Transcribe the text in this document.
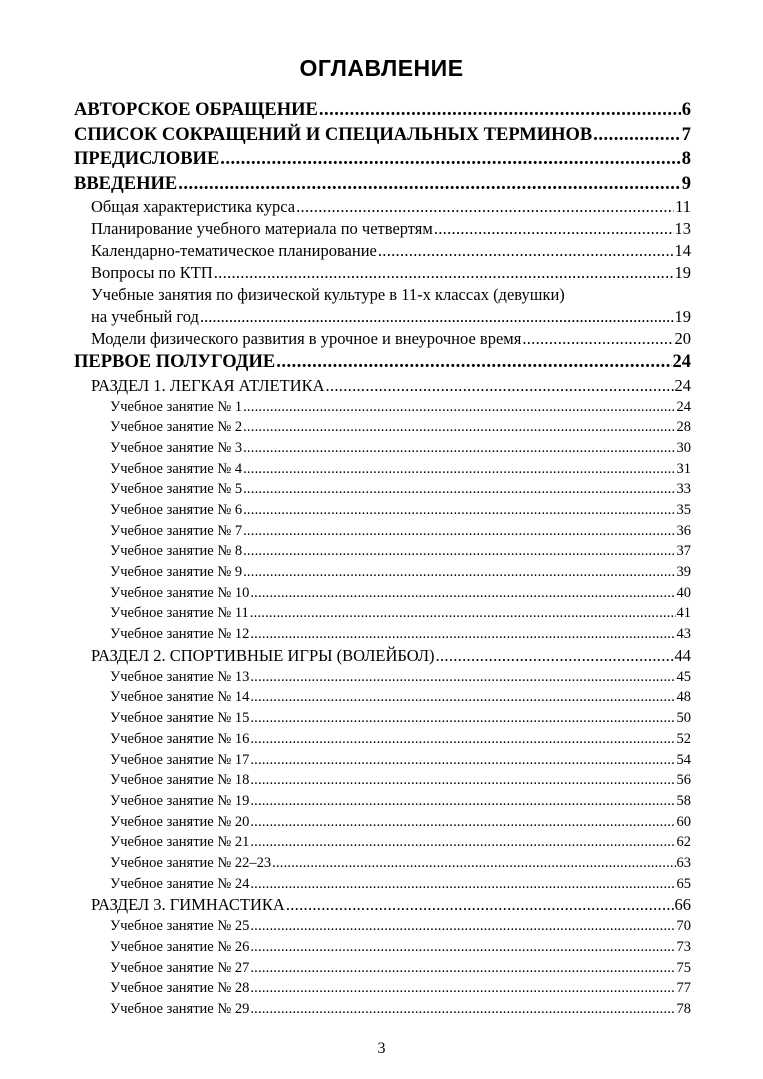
ОГЛАВЛЕНИЕ
АВТОРСКОЕ ОБРАЩЕНИЕ .....	6
СПИСОК СОКРАЩЕНИЙ И СПЕЦИАЛЬНЫХ ТЕРМИНОВ .....	7
ПРЕДИСЛОВИЕ .....	8
ВВЕДЕНИЕ .....	9
Общая характеристика курса .....	11
Планирование учебного материала по четвертям .....	13
Календарно-тематическое планирование .....	14
Вопросы по КТП .....	19
Учебные занятия по физической культуре в 11-х классах (девушки)
на учебный год .....	19
Модели физического развития в урочное и внеурочное время .....	20
ПЕРВОЕ ПОЛУГОДИЕ .....	24
РАЗДЕЛ 1. ЛЕГКАЯ АТЛЕТИКА .....	24
Учебное занятие № 1 .....	24
Учебное занятие № 2 .....	28
Учебное занятие № 3 .....	30
Учебное занятие № 4 .....	31
Учебное занятие № 5 .....	33
Учебное занятие № 6 .....	35
Учебное занятие № 7 .....	36
Учебное занятие № 8 .....	37
Учебное занятие № 9 .....	39
Учебное занятие № 10 .....	40
Учебное занятие № 11 .....	41
Учебное занятие № 12 .....	43
РАЗДЕЛ 2. СПОРТИВНЫЕ ИГРЫ (ВОЛЕЙБОЛ) .....	44
Учебное занятие № 13 .....	45
Учебное занятие № 14 .....	48
Учебное занятие № 15 .....	50
Учебное занятие № 16 .....	52
Учебное занятие № 17 .....	54
Учебное занятие № 18 .....	56
Учебное занятие № 19 .....	58
Учебное занятие № 20 .....	60
Учебное занятие № 21 .....	62
Учебное занятие № 22–23 .....	63
Учебное занятие № 24 .....	65
РАЗДЕЛ 3. ГИМНАСТИКА .....	66
Учебное занятие № 25 .....	70
Учебное занятие № 26 .....	73
Учебное занятие № 27 .....	75
Учебное занятие № 28 .....	77
Учебное занятие № 29 .....	78
3
